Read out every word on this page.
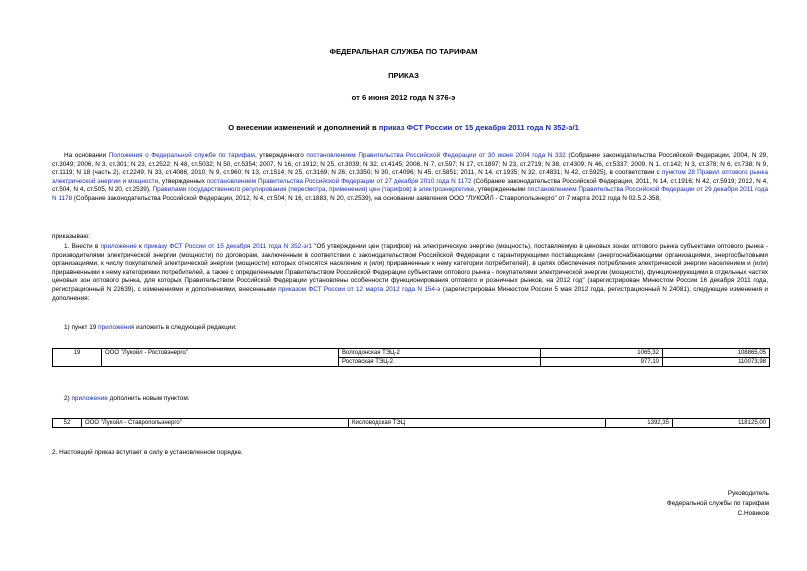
ФЕДЕРАЛЬНАЯ СЛУЖБА ПО ТАРИФАМ
ПРИКАЗ
от 6 июня 2012 года N 376-э
О внесении изменений и дополнений в приказ ФСТ России от 15 декабря 2011 года N 352-э/1

На основании Положения о Федеральной службе по тарифам, утвержденного постановлением Правительства Российской Федерации от 30 июня 2004 года N 332 (Собрание законодательства Российской Федерации, 2004, N 29, ст.3049; 2006, N 3, ст.301; N 23, ст.2522; N 48, ст.5032; N 50, ст.5354; 2007, N 16, ст.1912; N 25, ст.3039; N 32, ст.4145; 2008, N 7, ст.597; N 17, ст.1897; N 23, ст.2719; N 38, ст.4309; N 46, ст.5337; 2009, N 1, ст.142; N 3, ст.378; N 6, ст.738; N 9, ст.1119; N 18 (часть 2), ст.2249; N 33, ст.4086; 2010, N 9, ст.960; N 13, ст.1514; N 25, ст.3169; N 26, ст.3350; N 30, ст.4096; N 45, ст.5851; 2011, N 14, ст.1935; N 32, ст.4831; N 42, ст.5925), в соответствии с пунктом 28 Правил оптового рынка электрической энергии и мощности, утвержденных постановлением Правительства Российской Федерации от 27 декабря 2010 года N 1172 (Собрание законодательства Российской Федерации, 2011, N 14, ст.1916; N 42, ст.5919; 2012, N 4, ст.504, N 4, ст.505, N 20, ст.2539), Правилами государственного регулирования (пересмотра, применения) цен (тарифов) в электроэнергетике, утвержденными постановлением Правительства Российской Федерации от 29 декабря 2011 года N 1178 (Собрание законодательства Российской Федерации, 2012, N 4, ст.504; N 16, ст.1883, N 20, ст.2539), на основании заявления ООО "ЛУКОЙЛ - Ставропольэнерго" от 7 марта 2012 года N 02.5.2-358,

приказываю:

1. Внести в приложение к приказу ФСТ России от 15 декабря 2011 года N 352-э/1 "Об утверждении цен (тарифов) на электрическую энергию (мощность), поставляемую в ценовых зонах оптового рынка субъектами оптового рынка - производителями электрической энергии (мощности) по договорам, заключенным в соответствии с законодательством Российской Федерации с гарантирующими поставщиками (энергоснабжающими организациями, энергосбытовыми организациями, к числу покупателей электрической энергии (мощности) которых относятся население и (или) приравненные к нему категории потребителей), в целях обеспечения потребления электрической энергии населением и (или) приравненными к нему категориями потребителей, а также с определенными Правительством Российской Федерации субъектами оптового рынка - покупателями электрической энергии (мощности), функционирующими в отдельных частях ценовых зон оптового рынка, для которых Правительством Российской Федерации установлены особенности функционирования оптового и розничных рынков, на 2012 год" (зарегистрирован Минюстом России 16 декабря 2011 года, регистрационный N 22639), с изменениями и дополнениями, внесенными приказом ФСТ России от 12 марта 2012 года N 154-э (зарегистрирован Минюстом России 5 мая 2012 года, регистрационный N 24081), следующие изменения и дополнения:

1) пункт 19 приложения изложить в следующей редакции:
19	ООО "Лукойл - Ростовэнерго"	Волгодонская ТЭЦ-2	1065,32	108865,05
		Ростовская ТЭЦ-2	977,10	110073,98
2) приложение дополнить новым пунктом:
52	ООО "Лукойл - Ставропольэнерго"	Кисловодская ТЭЦ	1392,35	118125,00
2. Настоящий приказ вступает в силу в установленном порядке.
Руководитель
Федеральной службы по тарифам
С.Новиков
